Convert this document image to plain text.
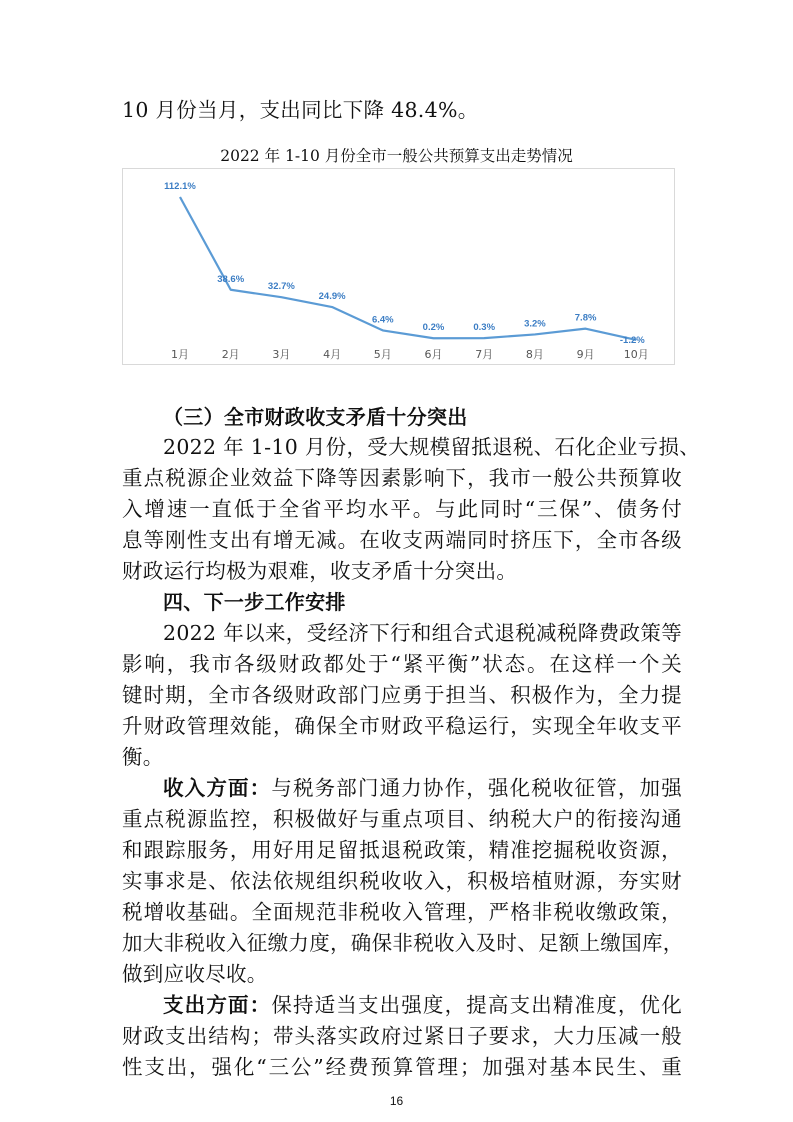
10 月份当月，支出同比下降 48.4%。
2022 年 1-10 月份全市一般公共预算支出走势情况
112.1%
38.6%
32.7%
24.9%
6.4%
0.2%	0.3%	3.2%
7.8%
-1.2%
1月	2月	3月	4月	5月	6月	7月	8月	9月	10月
（三）全市财政收支矛盾十分突出
2022 年 1-10 月份，受大规模留抵退税、石化企业亏损、
重点税源企业效益下降等因素影响下，我市一般公共预算收
入增速一直低于全省平均水平。与此同时“三保”、债务付
息等刚性支出有增无减。在收支两端同时挤压下，全市各级
财政运行均极为艰难，收支矛盾十分突出。
四、下一步工作安排
2022 年以来，受经济下行和组合式退税减税降费政策等
影响，我市各级财政都处于“紧平衡”状态。在这样一个关
键时期，全市各级财政部门应勇于担当、积极作为，全力提
升财政管理效能，确保全市财政平稳运行，实现全年收支平
衡。
收入方面：与税务部门通力协作，强化税收征管，加强
重点税源监控，积极做好与重点项目、纳税大户的衔接沟通
和跟踪服务，用好用足留抵退税政策，精准挖掘税收资源，
实事求是、依法依规组织税收收入，积极培植财源，夯实财
税增收基础。全面规范非税收入管理，严格非税收缴政策，
加大非税收入征缴力度，确保非税收入及时、足额上缴国库，
做到应收尽收。
支出方面：保持适当支出强度，提高支出精准度，优化
财政支出结构；带头落实政府过紧日子要求，大力压减一般
性支出，强化“三公”经费预算管理；加强对基本民生、重
16
